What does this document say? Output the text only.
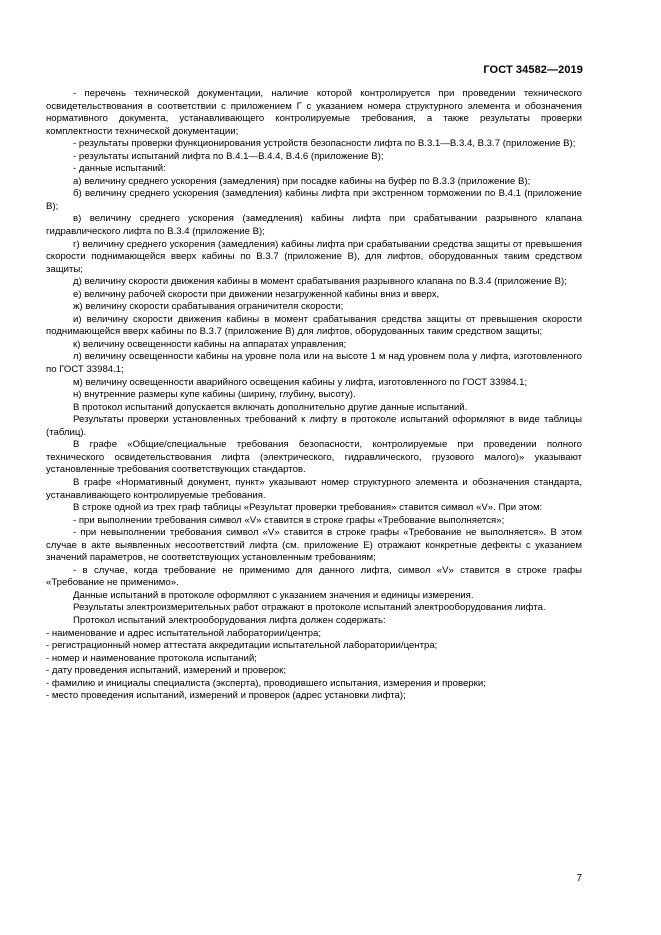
ГОСТ 34582—2019

- перечень технической документации, наличие которой контролируется при проведении технического освидетельствования в соответствии с приложением Г с указанием номера структурного элемента и обозначения нормативного документа, устанавливающего контролируемые требования, а также результаты проверки комплектности технической документации;

- результаты проверки функционирования устройств безопасности лифта по В.3.1—В.3.4, В.3.7 (приложение В);

- результаты испытаний лифта по В.4.1—В.4.4, В.4.6 (приложение В);

- данные испытаний:

а) величину среднего ускорения (замедления) при посадке кабины на буфер по В.3.3 (приложение В);

б) величину среднего ускорения (замедления) кабины лифта при экстренном торможении по В.4.1 (приложение В);

в) величину среднего ускорения (замедления) кабины лифта при срабатывании разрывного клапана гидравлического лифта по В.3.4 (приложение В);

г) величину среднего ускорения (замедления) кабины лифта при срабатывании средства защиты от превышения скорости поднимающейся вверх кабины по В.3.7 (приложение В), для лифтов, оборудованных таким средством защиты;

д) величину скорости движения кабины в момент срабатывания разрывного клапана по В.3.4 (приложение В);

е) величину рабочей скорости при движении незагруженной кабины вниз и вверх,

ж) величину скорости срабатывания ограничителя скорости;

и) величину скорости движения кабины в момент срабатывания средства защиты от превышения скорости поднимающейся вверх кабины по В.3.7 (приложение В) для лифтов, оборудованных таким средством защиты;

к) величину освещенности кабины на аппаратах управления;

л) величину освещенности кабины на уровне пола или на высоте 1 м над уровнем пола у лифта, изготовленного по ГОСТ 33984.1;

м) величину освещенности аварийного освещения кабины у лифта, изготовленного по ГОСТ 33984.1;

н) внутренние размеры купе кабины (ширину, глубину, высоту).

В протокол испытаний допускается включать дополнительно другие данные испытаний.

Результаты проверки установленных требований к лифту в протоколе испытаний оформляют в виде таблицы (таблиц).

В графе «Общие/специальные требования безопасности, контролируемые при проведении полного технического освидетельствования лифта (электрического, гидравлического, грузового малого)» указывают установленные требования соответствующих стандартов.

В графе «Нормативный документ, пункт» указывают номер структурного элемента и обозначения стандарта, устанавливающего контролируемые требования.

В строке одной из трех граф таблицы «Результат проверки требования» ставится символ «V». При этом:

- при выполнении требования символ «V» ставится в строке графы «Требование выполняется»;

- при невыполнении требования символ «V» ставится в строке графы «Требование не выполняется». В этом случае в акте выявленных несоответствий лифта (см. приложение Е) отражают конкретные дефекты с указанием значений параметров, не соответствующих установленным требованиям;

- в случае, когда требование не применимо для данного лифта, символ «V» ставится в строке графы «Требование не применимо».

Данные испытаний в протоколе оформляют с указанием значения и единицы измерения.

Результаты электроизмерительных работ отражают в протоколе испытаний электрооборудования лифта.

Протокол испытаний электрооборудования лифта должен содержать:

- наименование и адрес испытательной лаборатории/центра;

- регистрационный номер аттестата аккредитации испытательной лаборатории/центра;

- номер и наименование протокола испытаний;

- дату проведения испытаний, измерений и проверок;

- фамилию и инициалы специалиста (эксперта), проводившего испытания, измерения и проверки;

- место проведения испытаний, измерений и проверок (адрес установки лифта);

7
